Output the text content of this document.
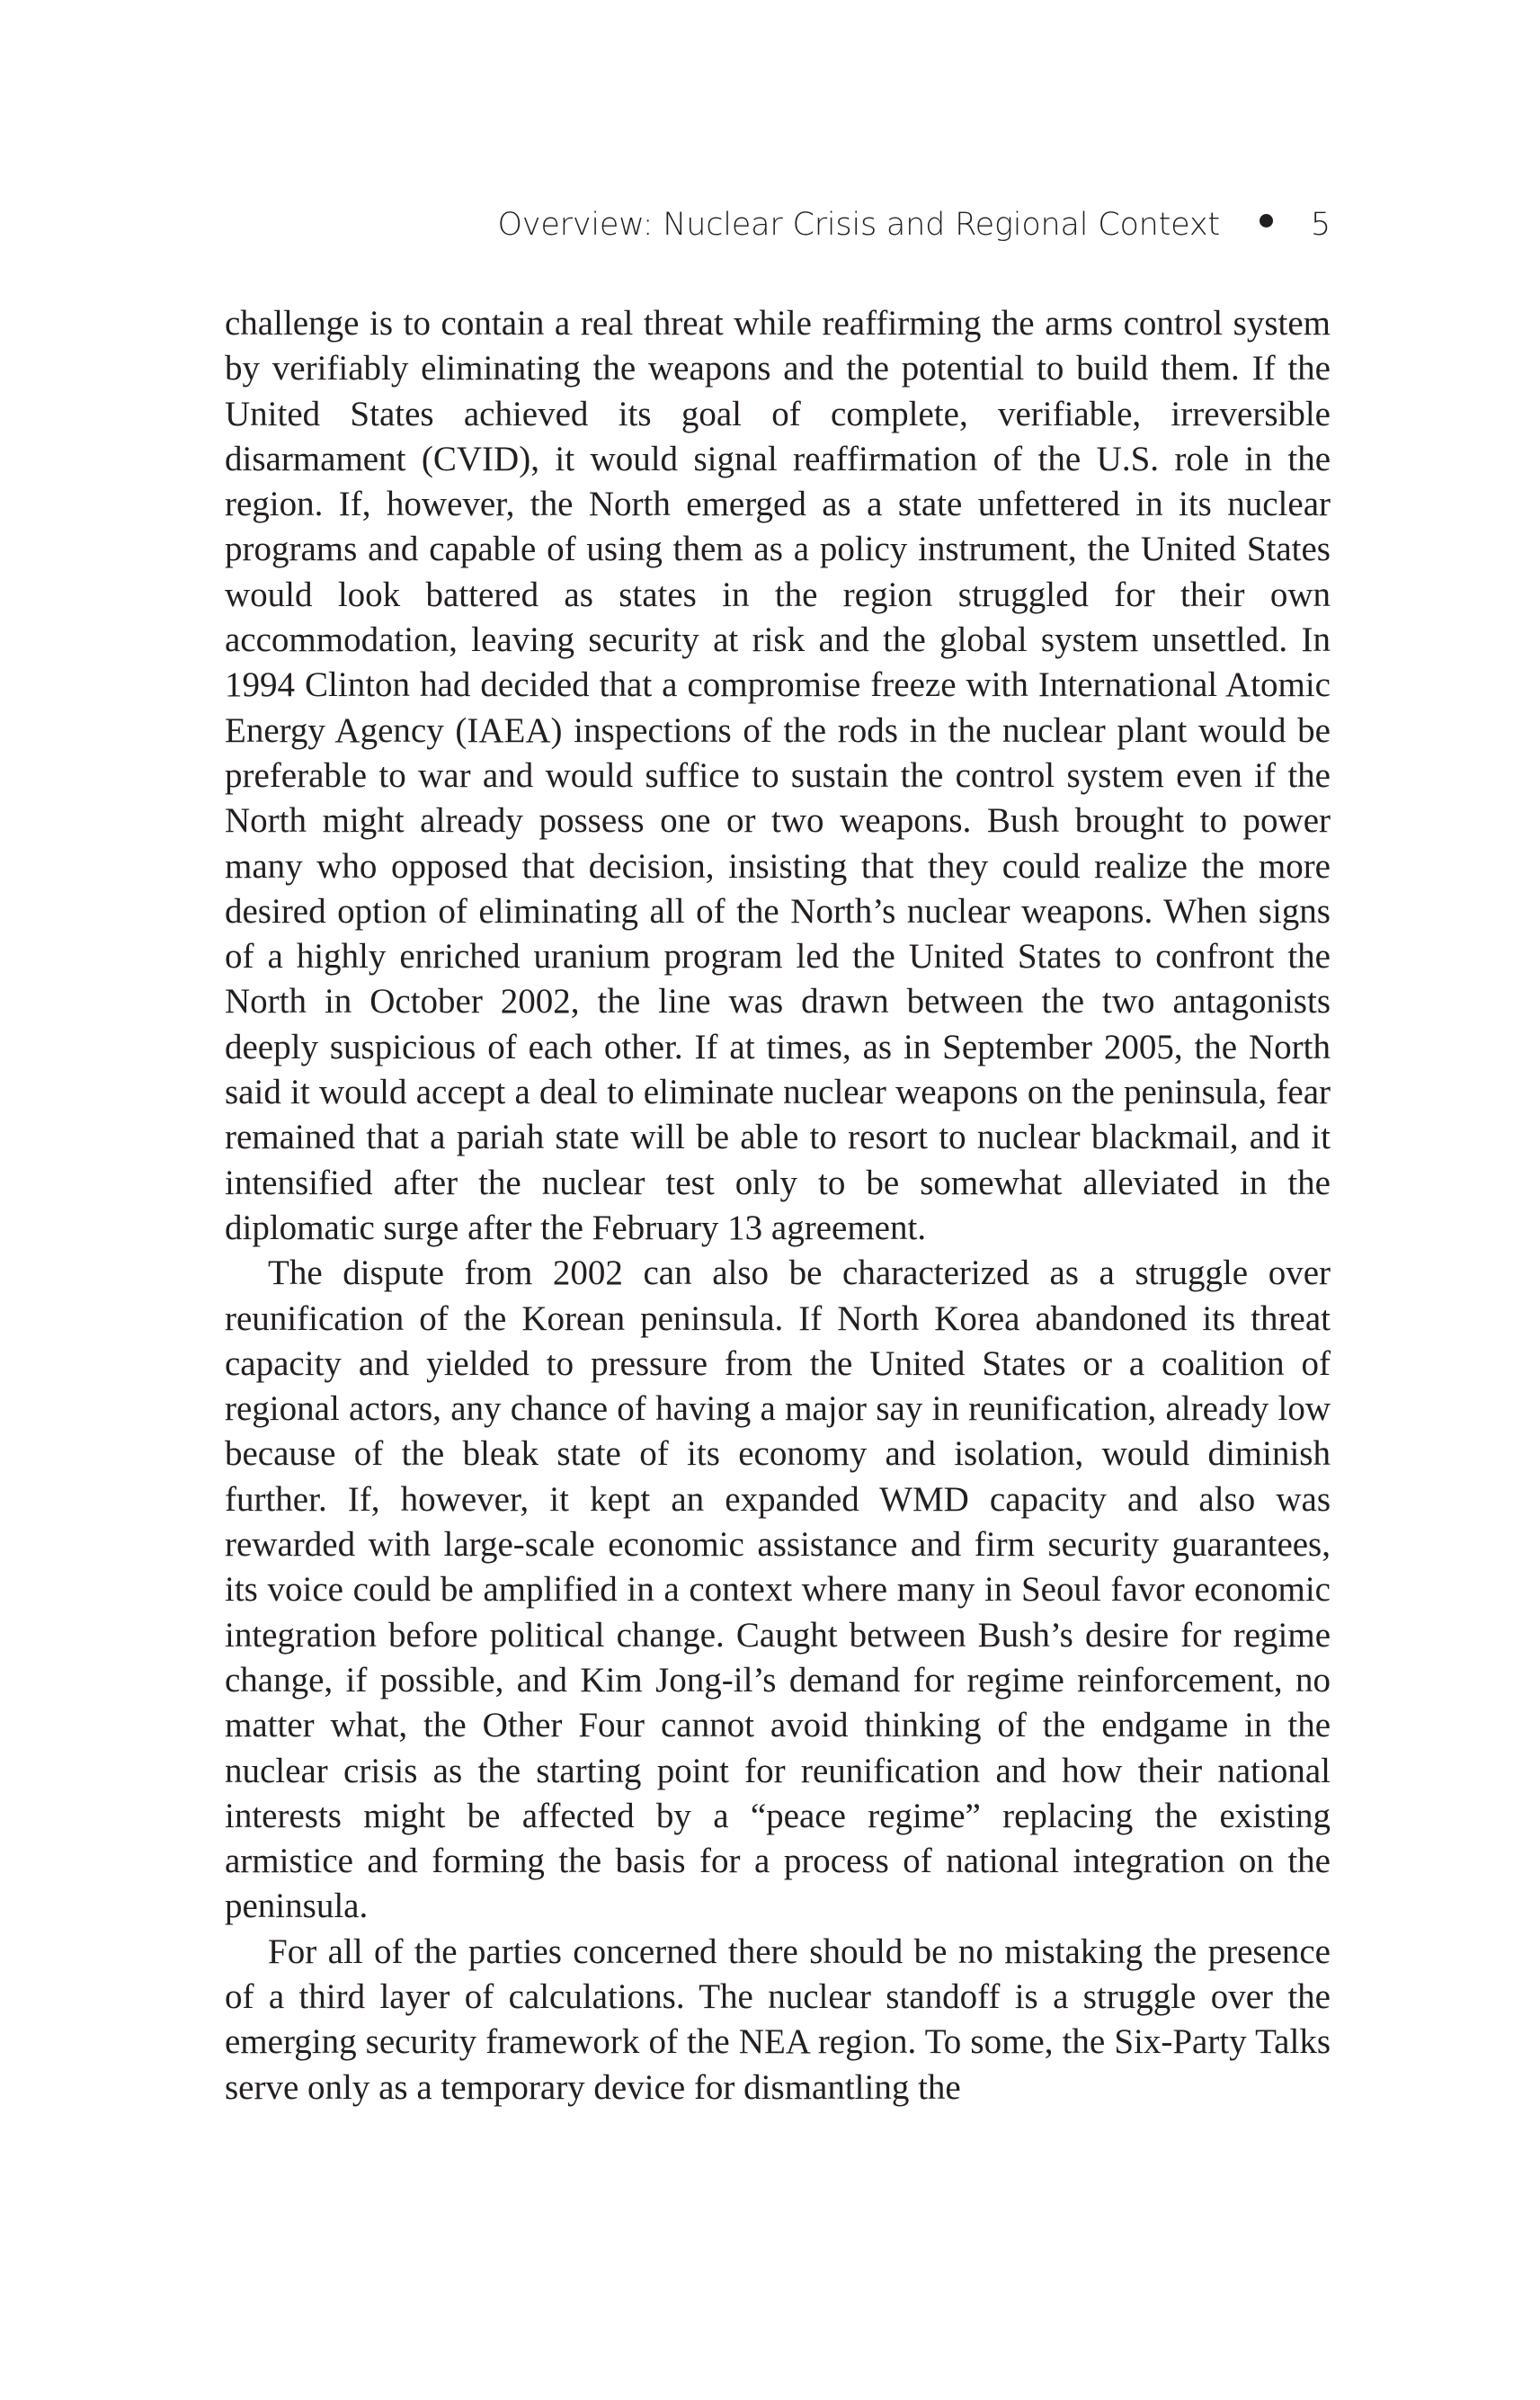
Overview: Nuclear Crisis and Regional Context	5

challenge is to contain a real threat while reaffirming the arms control system by verifiably eliminating the weapons and the potential to build them. If the United States achieved its goal of complete, verifiable, irreversible disarmament (CVID), it would signal reaffirmation of the U.S. role in the region. If, however, the North emerged as a state unfettered in its nuclear programs and capable of using them as a policy instrument, the United States would look battered as states in the region struggled for their own accommodation, leaving security at risk and the global system unsettled. In 1994 Clinton had decided that a compromise freeze with International Atomic Energy Agency (IAEA) inspections of the rods in the nuclear plant would be preferable to war and would suffice to sustain the control system even if the North might already possess one or two weapons. Bush brought to power many who opposed that decision, insisting that they could realize the more desired option of eliminating all of the North’s nuclear weapons. When signs of a highly enriched uranium program led the United States to confront the North in October 2002, the line was drawn between the two antagonists deeply suspicious of each other. If at times, as in September 2005, the North said it would accept a deal to eliminate nuclear weapons on the peninsula, fear remained that a pariah state will be able to resort to nuclear blackmail, and it intensified after the nuclear test only to be somewhat alleviated in the diplomatic surge after the February 13 agreement.

The dispute from 2002 can also be characterized as a struggle over reunification of the Korean peninsula. If North Korea abandoned its threat capacity and yielded to pressure from the United States or a coalition of regional actors, any chance of having a major say in reunification, already low because of the bleak state of its economy and isolation, would diminish further. If, however, it kept an expanded WMD capacity and also was rewarded with large-scale economic assistance and firm security guarantees, its voice could be amplified in a context where many in Seoul favor economic integration before political change. Caught between Bush’s desire for regime change, if possible, and Kim Jong-il’s demand for regime reinforcement, no matter what, the Other Four cannot avoid thinking of the endgame in the nuclear crisis as the starting point for reunification and how their national interests might be affected by a “peace regime” replacing the existing armistice and forming the basis for a process of national integration on the peninsula.

For all of the parties concerned there should be no mistaking the presence of a third layer of calculations. The nuclear standoff is a struggle over the emerging security framework of the NEA region. To some, the Six-Party Talks serve only as a temporary device for dismantling the
